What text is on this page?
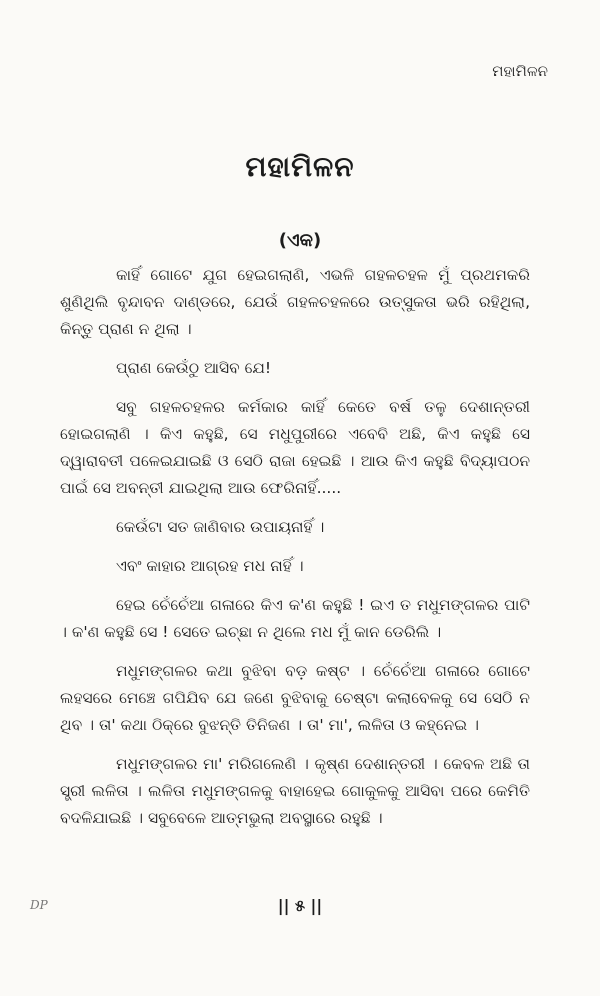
ମହାମିଳନ
ମହାମିଳନ
(ଏକ)

କାହିଁ ଗୋଟେ ଯୁଗ ହେଇଗଲାଣି, ଏଭଳି ଗହଳଚହଳ ମୁଁ ପ୍ରଥମକରି ଶୁଣିଥିଲି ବୃନ୍ଦାବନ ଦାଣ୍ଡରେ, ଯେଉଁ ଗହଳଚହଳରେ ଉତ୍ସୁକତା ଭରି ରହିଥିଲା, କିନ୍ତୁ ପ୍ରାଣ ନ ଥିଲା ।

ପ୍ରାଣ କେଉଁଠୁ ଆସିବ ଯେ!

ସବୁ ଗହଳଚହଳର କର୍ମକାର କାହିଁ କେତେ ବର୍ଷ ତଳୁ ଦେଶାନ୍ତରୀ ହୋଇଗଲାଣି । କିଏ କହୁଛି, ସେ ମଧୁପୁରୀରେ ଏବେବି ଅଛି, କିଏ କହୁଛି ସେ ଦ୍ୱାରାବତୀ ପଳେଇଯାଇଛି ଓ ସେଠି ରାଜା ହେଇଛି । ଆଉ କିଏ କହୁଛି ବିଦ୍ୟାପଠନ ପାଇଁ ସେ ଅବନ୍ତୀ ଯାଇଥିଲା ଆଉ ଫେରିନାହିଁ.....

କେଉଁଟା ସତ ଜାଣିବାର ଉପାୟନାହିଁ ।

ଏବଂ କାହାର ଆଗ୍ରହ ମଧ ନାହିଁ ।

ହେଇ ଚେଁଚେଁଆ ଗଳାରେ କିଏ କ'ଣ କହୁଛି ! ଇଏ ତ ମଧୁମଙ୍ଗଳର ପାଟି । କ'ଣ କହୁଛି ସେ ! ସେତେ ଇଚ୍ଛା ନ ଥିଲେ ମଧ ମୁଁ କାନ ଡେରିଲି ।

ମଧୁମଙ୍ଗଳର କଥା ବୁଝିବା ବଡ଼ କଷ୍ଟ । ଚେଁଚେଁଆ ଗଳାରେ ଗୋଟେ ଲହସରେ ମେଞ୍ଚେ ଗପିଯିବ ଯେ ଜଣେ ବୁଝିବାକୁ ଚେଷ୍ଟା କଲାବେଳକୁ ସେ ସେଠି ନ ଥିବ । ତା' କଥା ଠିକ୍‌ରେ ବୁଝନ୍ତି ତିନିଜଣ । ତା' ମା', ଲଳିତା ଓ କହ୍ନେଇ ।

ମଧୁମଙ୍ଗଳର ମା' ମରିଗଲେଣି । କୃଷ୍ଣ ଦେଶାନ୍ତରୀ । କେବଳ ଅଛି ତା ସ୍ତ୍ରୀ ଲଳିତା । ଲଳିତା ମଧୁମଙ୍ଗଳକୁ ବାହାହେଇ ଗୋକୁଳକୁ ଆସିବା ପରେ କେମିତି ବଦଳିଯାଇଛି । ସବୁବେଳେ ଆତ୍ମଭୁଲା ଅବସ୍ଥାରେ ରହୁଛି ।

DP	|| ୫ ||
